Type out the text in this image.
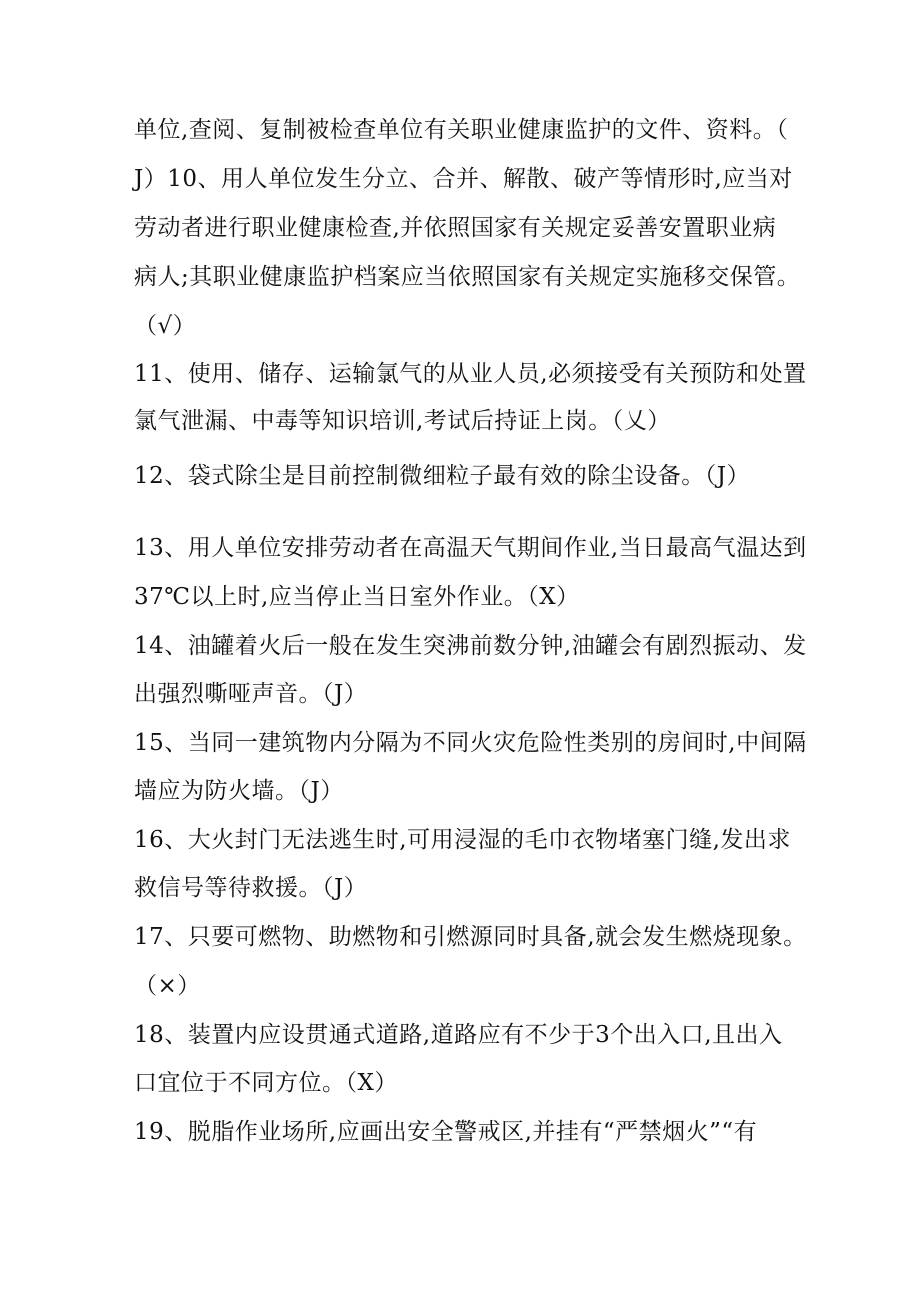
单位,查阅、复制被检查单位有关职业健康监护的文件、资料。（
J）10、用人单位发生分立、合并、解散、破产等情形时,应当对
劳动者进行职业健康检查,并依照国家有关规定妥善安置职业病
病人;其职业健康监护档案应当依照国家有关规定实施移交保管。
（√）
11、使用、储存、运输氯气的从业人员,必须接受有关预防和处置
氯气泄漏、中毒等知识培训,考试后持证上岗。（乂）
12、袋式除尘是目前控制微细粒子最有效的除尘设备。（J）
13、用人单位安排劳动者在高温天气期间作业,当日最高气温达到
37℃以上时,应当停止当日室外作业。（X）
14、油罐着火后一般在发生突沸前数分钟,油罐会有剧烈振动、发
出强烈嘶哑声音。（J）
15、当同一建筑物内分隔为不同火灾危险性类别的房间时,中间隔
墙应为防火墙。（J）
16、大火封门无法逃生时,可用浸湿的毛巾衣物堵塞门缝,发出求
救信号等待救援。（J）
17、只要可燃物、助燃物和引燃源同时具备,就会发生燃烧现象。
（×）
18、装置内应设贯通式道路,道路应有不少于3个出入口,且出入
口宜位于不同方位。（X）
19、脱脂作业场所,应画出安全警戒区,并挂有“严禁烟火”“有
